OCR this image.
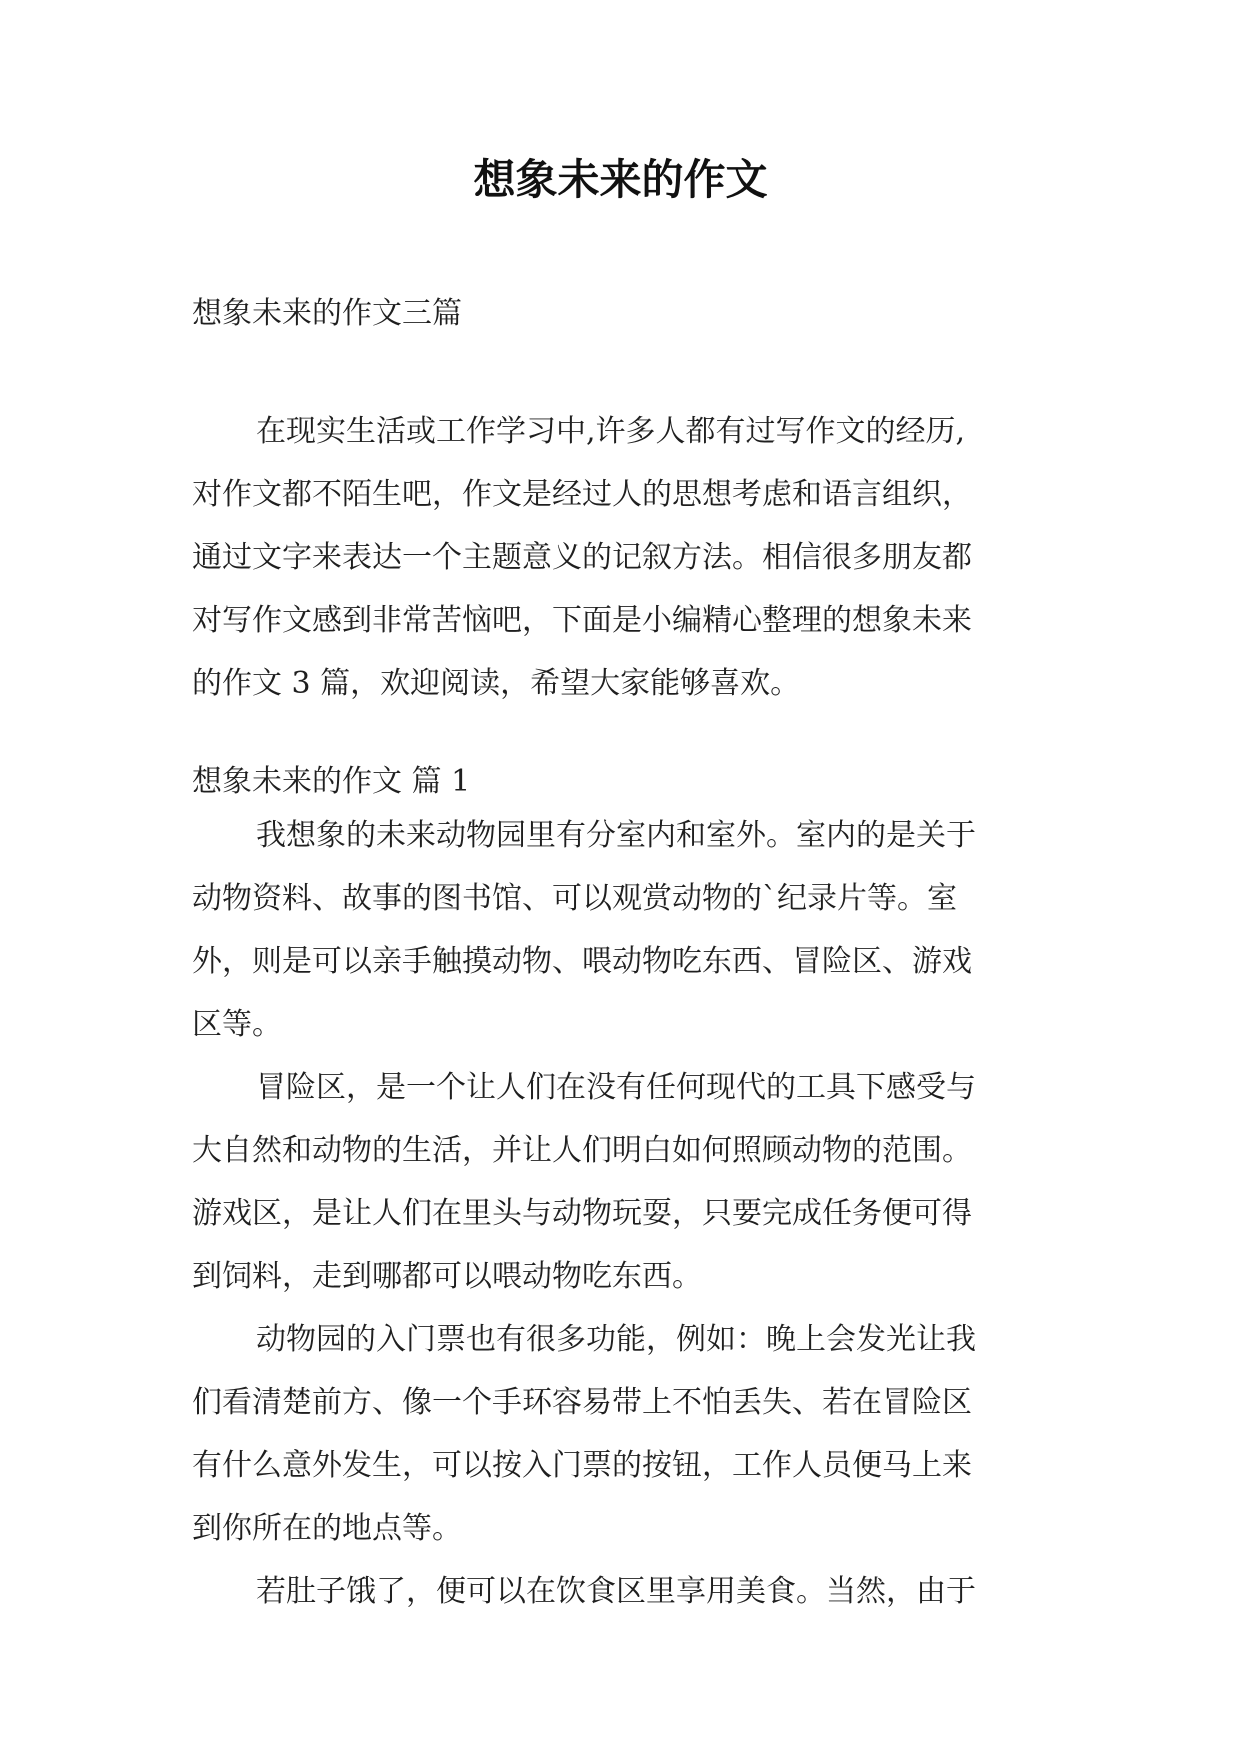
想象未来的作文

想象未来的作文三篇

在现实生活或工作学习中,许多人都有过写作文的经历,
对作文都不陌生吧，作文是经过人的思想考虑和语言组织，
通过文字来表达一个主题意义的记叙方法。相信很多朋友都
对写作文感到非常苦恼吧，下面是小编精心整理的想象未来
的作文 3 篇，欢迎阅读，希望大家能够喜欢。

想象未来的作文 篇 1

我想象的未来动物园里有分室内和室外。室内的是关于
动物资料、故事的图书馆、可以观赏动物的`纪录片等。室
外，则是可以亲手触摸动物、喂动物吃东西、冒险区、游戏
区等。
冒险区，是一个让人们在没有任何现代的工具下感受与
大自然和动物的生活，并让人们明白如何照顾动物的范围。
游戏区，是让人们在里头与动物玩耍，只要完成任务便可得
到饲料，走到哪都可以喂动物吃东西。
动物园的入门票也有很多功能，例如：晚上会发光让我
们看清楚前方、像一个手环容易带上不怕丢失、若在冒险区
有什么意外发生，可以按入门票的按钮，工作人员便马上来
到你所在的地点等。
若肚子饿了，便可以在饮食区里享用美食。当然，由于
